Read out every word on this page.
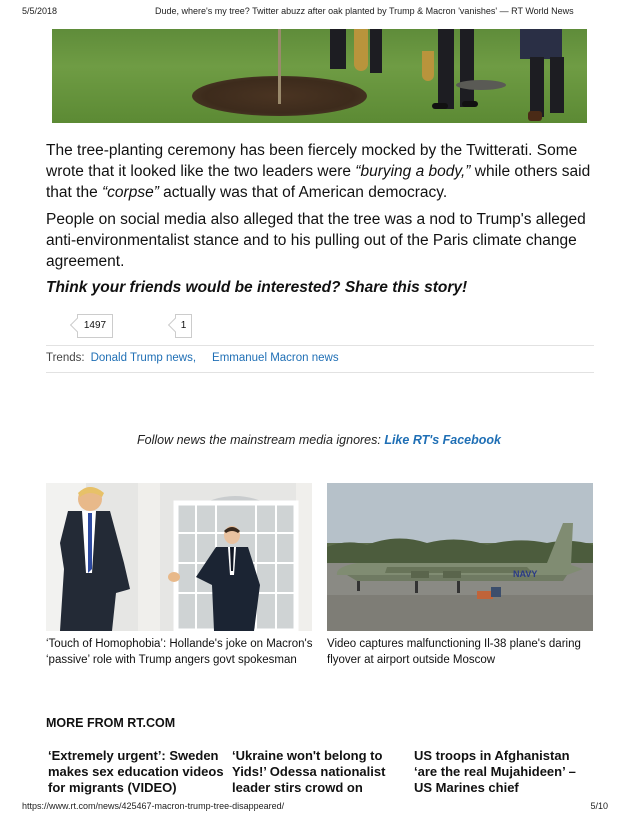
5/5/2018	Dude, where's my tree? Twitter abuzz after oak planted by Trump & Macron 'vanishes' — RT World News

The tree-planting ceremony has been fiercely mocked by the Twitterati. Some wrote that it looked like the two leaders were “burying a body,” while others said that the “corpse” actually was that of American democracy.

People on social media also alleged that the tree was a nod to Trump's alleged anti-environmentalist stance and to his pulling out of the Paris climate change agreement.

Think your friends would be interested? Share this story!
1497	1
Trends: Donald Trump news, Emmanuel Macron news
Follow news the mainstream media ignores: Like RT's Facebook
‘Touch of Homophobia’: Hollande's joke on Macron's ‘passive’ role with Trump angers govt spokesman
NAVY
Video captures malfunctioning Il-38 plane's daring flyover at airport outside Moscow
MORE FROM RT.COM
‘Extremely urgent’: Sweden makes sex education videos for migrants (VIDEO)
‘Ukraine won't belong to Yids!’ Odessa nationalist leader stirs crowd on
US troops in Afghanistan ‘are the real Mujahideen’ – US Marines chief
https://www.rt.com/news/425467-macron-trump-tree-disappeared/	5/10
